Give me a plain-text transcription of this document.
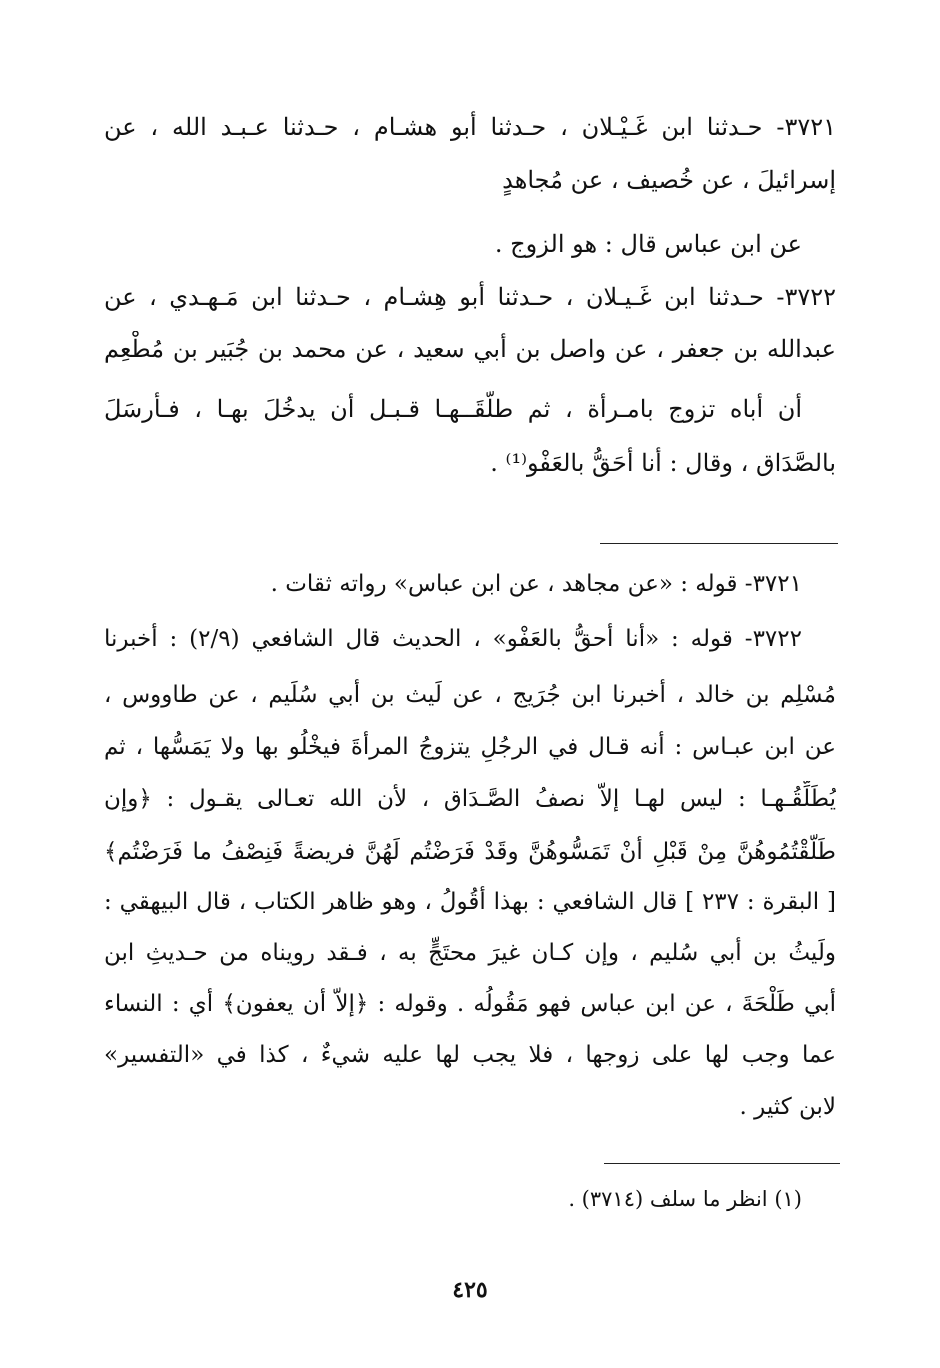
٣٧٢١- حـدثنا ابن غَـيْـلان ، حـدثنا أبو هشـام ، حـدثنا عـبـد الله ، عن
إسرائيلَ ، عن خُصيف ، عن مُجاهدٍ
عن ابن عباس قال : هو الزوج .
٣٧٢٢- حـدثنا ابن غَـيـلان ، حـدثنا أبو هِشـام ، حـدثنا ابن مَـهـدي ، عن
عبدالله بن جعفر ، عن واصل بن أبي سعيد ، عن محمد بن جُبَير بن مُطْعِم
أن أباه تزوج بامـرأة ، ثم طلَّقَــهـا قـبـل أن يدخُلَ بهـا ، فـأرسَلَ
بالصَّدَاق ، وقال : أنا أحَقُّ بالعَفْو⁽¹⁾ .
٣٧٢١- قوله : «عن مجاهد ، عن ابن عباس» رواته ثقات .
٣٧٢٢- قوله : «أنا أحقُّ بالعَفْو» ، الحديث قال الشافعي (٢/٩) : أخبرنا
مُسْلِم بن خالد ، أخبرنا ابن جُرَيج ، عن لَيث بن أبي سُلَيم ، عن طاووس ،
عن ابن عبـاس : أنه قـال في الرجُلِ يتزوجُ المرأةَ فيخْلُو بها ولا يَمَسُّها ، ثم
يُطَلِّقُـهـا : ليس لهـا إلاّ نصفُ الصَّـدَاق ، لأن الله تعـالى يقـول : ﴿وإن
طَلَّقْتُمُوهُنَّ مِنْ قَبْلِ أنْ تَمَسُّوهُنَّ وقَدْ فَرَضْتُم لَهُنَّ فريضةً فَنِصْفُ ما فَرَضْتُم﴾
[ البقرة : ٢٣٧ ] قال الشافعي : بهذا أقُولُ ، وهو ظاهر الكتاب ، قال البيهقي :
ولَيثُ بن أبي سُليم ، وإن كـان غيرَ محتَجٍّ به ، فـقد رويناه من حـديثِ ابن
أبي طَلْحَةَ ، عن ابن عباس فهو مَقُولُه . وقوله : ﴿إلاّ أن يعفون﴾ أي : النساء
عما وجب لها على زوجها ، فلا يجب لها عليه شيءٌ ، كذا في «التفسير»
لابن كثير .
(١) انظر ما سلف (٣٧١٤) .
٤٢٥
